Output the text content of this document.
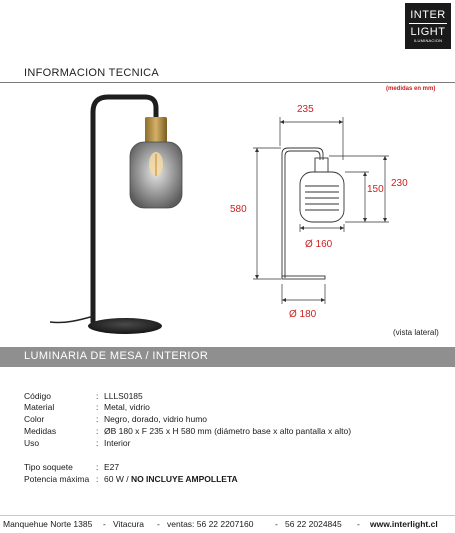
INTER
LIGHT
ILUMINACION
INFORMACION TECNICA
(medidas en mm)
235
580
150
230
Ø 160
Ø 180
(vista lateral)
LUMINARIA DE MESA / INTERIOR
Código	: LLLS0185
Material	: Metal, vidrio
Color	: Negro, dorado, vidrio humo
Medidas	: ØB 180 x F 235 x H 580 mm (diámetro base x alto pantalla x alto)
Uso	: Interior
Tipo soquete	: E27
Potencia máxima : 60 W / NO INCLUYE AMPOLLETA
Manquehue Norte 1385 - Vitacura - ventas: 56 22 2207160	- 56 22 2024845 - www.interlight.cl
